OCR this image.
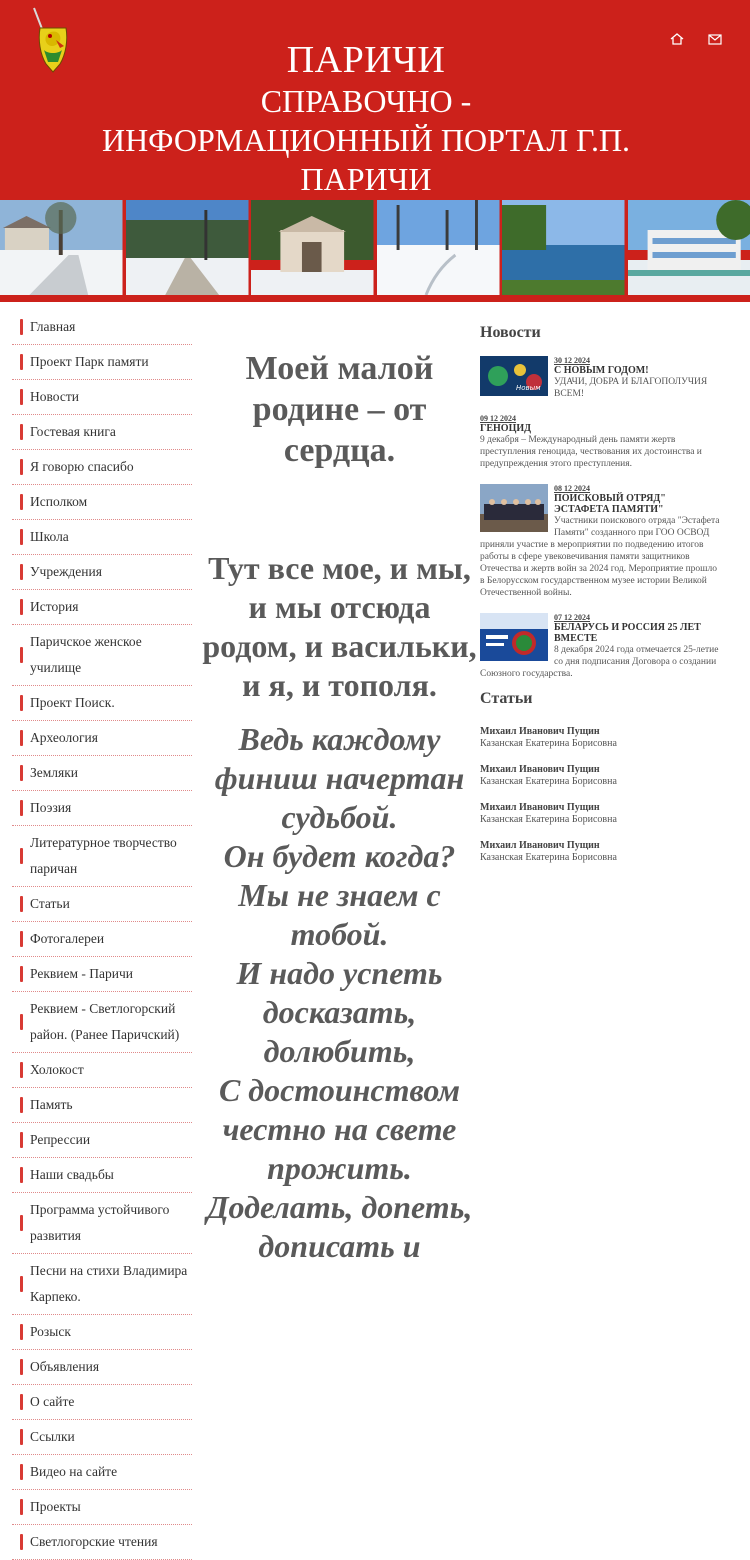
ПАРИЧИ
СПРАВОЧНО -
ИНФОРМАЦИОННЫЙ ПОРТАЛ Г.П.
ПАРИЧИ
Главная
Проект Парк памяти
Новости
Гостевая книга
Я говорю спасибо
Исполком
Школа
Учреждения
История
Паричское женское училище
Проект Поиск.
Археология
Земляки
Поэзия
Литературное творчество паричан
Статьи
Фотогалереи
Реквием - Паричи
Реквием - Светлогорский район. (Ранее Паричский)
Холокост
Память
Репрессии
Наши свадьбы
Программа устойчивого развития
Песни на стихи Владимира Карпеко.
Розыск
Объявления
О сайте
Ссылки
Видео на сайте
Проекты
Светлогорские чтения
Моей малой родине – от сердца.
Тут все мое, и мы, и мы отсюда родом, и васильки, и я, и тополя.
Ведь каждому финиш начертан судьбой.
Он будет когда? Мы не знаем с тобой.
И надо успеть досказать, долюбить,
С достоинством честно на свете прожить.
Доделать, допеть, дописать и
Новости
Новым
30 12 2024
С НОВЫМ ГОДОМ!
УДАЧИ, ДОБРА И БЛАГОПОЛУЧИЯ ВСЕМ!
09 12 2024
ГЕНОЦИД
9 декабря – Международный день памяти жертв преступления геноцида, чествования их достоинства и предупреждения этого преступления.
08 12 2024
ПОИСКОВЫЙ ОТРЯД" ЭСТАФЕТА ПАМЯТИ"
Участники поискового отряда "Эстафета Памяти" созданного при ГОО ОСВОД приняли участие в мероприятии по подведению итогов работы в сфере увековечивания памяти защитников Отечества и жертв войн за 2024 год. Мероприятие прошло в Белорусском государственном музее истории Великой Отечественной войны.
07 12 2024
БЕЛАРУСЬ И РОССИЯ 25 ЛЕТ ВМЕСТЕ
8 декабря 2024 года отмечается 25-летие со дня подписания Договора о создании Союзного государства.
Статьи
Михаил Иванович Пущин
Казанская Екатерина Борисовна
Михаил Иванович Пущин
Казанская Екатерина Борисовна
Михаил Иванович Пущин
Казанская Екатерина Борисовна
Михаил Иванович Пущин
Казанская Екатерина Борисовна
